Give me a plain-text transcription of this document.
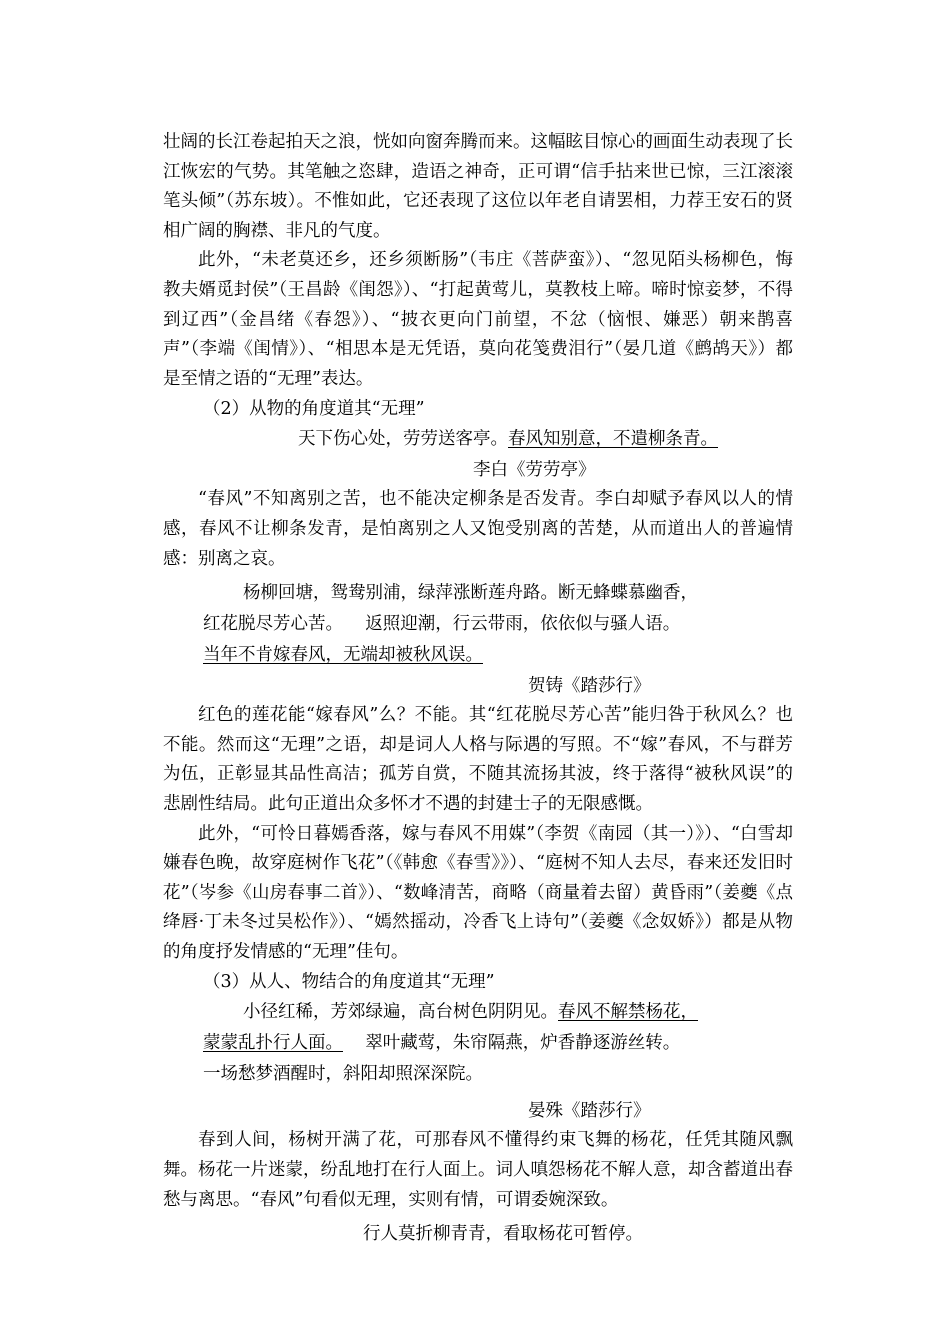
壮阔的长江卷起拍天之浪，恍如向窗奔腾而来。这幅眩目惊心的画面生动表现了长江恢宏的气势。其笔触之恣肆，造语之神奇，正可谓“信手拈来世已惊，三江滚滚笔头倾”（苏东坡）。不惟如此，它还表现了这位以年老自请罢相，力荐王安石的贤相广阔的胸襟、非凡的气度。

此外，“未老莫还乡，还乡须断肠”（韦庄《菩萨蛮》）、“忽见陌头杨柳色，悔教夫婿觅封侯”（王昌龄《闺怨》）、“打起黄莺儿，莫教枝上啼。啼时惊妾梦，不得到辽西”（金昌绪《春怨》）、“披衣更向门前望，不忿（恼恨、嫌恶）朝来鹊喜声”（李端《闺情》）、“相思本是无凭语，莫向花笺费泪行”（晏几道《鹧鸪天》）都是至情之语的“无理”表达。

（2）从物的角度道其“无理”

天下伤心处，劳劳送客亭。春风知别意，不遣柳条青。

李白《劳劳亭》

“春风”不知离别之苦，也不能决定柳条是否发青。李白却赋予春风以人的情感，春风不让柳条发青，是怕离别之人又饱受别离的苦楚，从而道出人的普遍情感：别离之哀。

杨柳回塘，鸳鸯别浦，绿萍涨断莲舟路。断无蜂蝶慕幽香，

红花脱尽芳心苦。 返照迎潮，行云带雨，依依似与骚人语。

当年不肯嫁春风，无端却被秋风误。

贺铸《踏莎行》

红色的莲花能“嫁春风”么？不能。其“红花脱尽芳心苦”能归咎于秋风么？也不能。然而这“无理”之语，却是词人人格与际遇的写照。不“嫁”春风，不与群芳为伍，正彰显其品性高洁；孤芳自赏，不随其流扬其波，终于落得“被秋风误”的悲剧性结局。此句正道出众多怀才不遇的封建士子的无限感慨。

此外，“可怜日暮嫣香落，嫁与春风不用媒”（李贺《南园（其一）》）、“白雪却嫌春色晚，故穿庭树作飞花”（《韩愈《春雪》》）、“庭树不知人去尽，春来还发旧时花”（岑参《山房春事二首》）、“数峰清苦，商略（商量着去留）黄昏雨”（姜夔《点绛唇·丁未冬过吴松作》）、“嫣然摇动，冷香飞上诗句”（姜夔《念奴娇》）都是从物的角度抒发情感的“无理”佳句。

（3）从人、物结合的角度道其“无理”

小径红稀，芳郊绿遍，高台树色阴阴见。春风不解禁杨花，

蒙蒙乱扑行人面。 翠叶藏莺，朱帘隔燕，炉香静逐游丝转。

一场愁梦酒醒时，斜阳却照深深院。

晏殊《踏莎行》

春到人间，杨树开满了花，可那春风不懂得约束飞舞的杨花，任凭其随风飘舞。杨花一片迷蒙，纷乱地打在行人面上。词人嗔怨杨花不解人意，却含蓄道出春愁与离思。“春风”句看似无理，实则有情，可谓委婉深致。

行人莫折柳青青，看取杨花可暂停。
